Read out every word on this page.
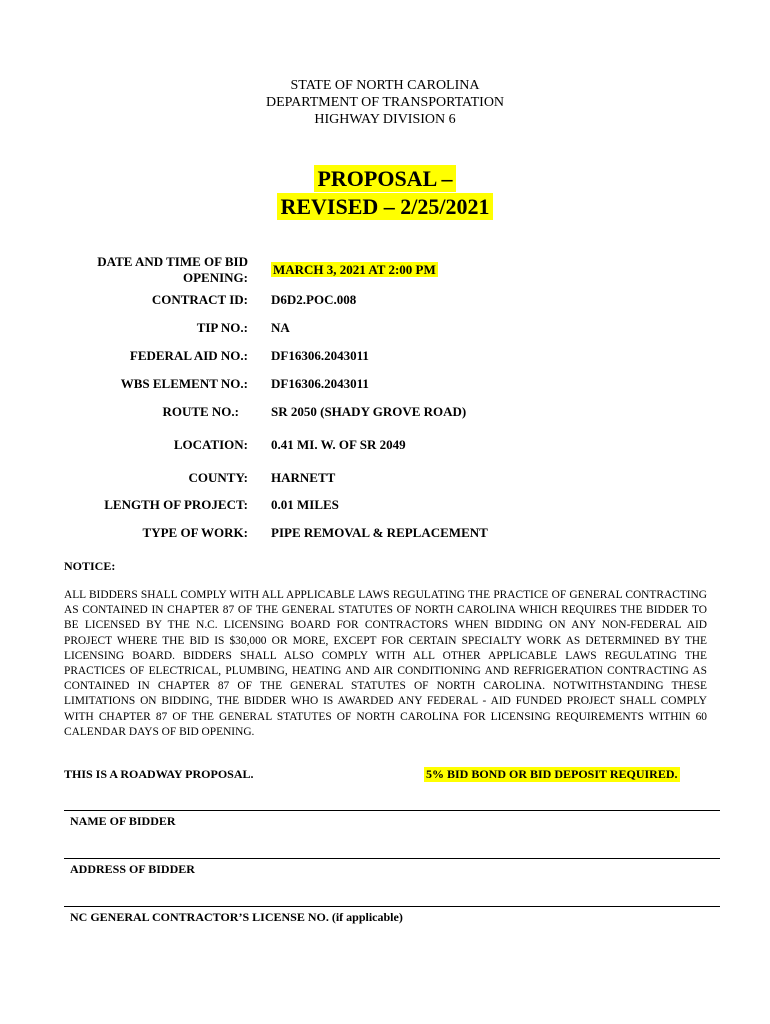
STATE OF NORTH CAROLINA
DEPARTMENT OF TRANSPORTATION
HIGHWAY DIVISION 6
PROPOSAL –
REVISED – 2/25/2021
DATE AND TIME OF BID
OPENING:
MARCH 3, 2021 AT 2:00 PM
CONTRACT ID: D6D2.POC.008
TIP NO.: NA
FEDERAL AID NO.: DF16306.2043011
WBS ELEMENT NO.: DF16306.2043011
ROUTE NO.: SR 2050 (SHADY GROVE ROAD)
LOCATION: 0.41 MI. W. OF SR 2049
COUNTY: HARNETT
LENGTH OF PROJECT: 0.01 MILES
TYPE OF WORK: PIPE REMOVAL & REPLACEMENT
NOTICE:
ALL BIDDERS SHALL COMPLY WITH ALL APPLICABLE LAWS REGULATING THE PRACTICE OF GENERAL CONTRACTING AS CONTAINED IN CHAPTER 87 OF THE GENERAL STATUTES OF NORTH CAROLINA WHICH REQUIRES THE BIDDER TO BE LICENSED BY THE N.C. LICENSING BOARD FOR CONTRACTORS WHEN BIDDING ON ANY NON-FEDERAL AID PROJECT WHERE THE BID IS $30,000 OR MORE, EXCEPT FOR CERTAIN SPECIALTY WORK AS DETERMINED BY THE LICENSING BOARD. BIDDERS SHALL ALSO COMPLY WITH ALL OTHER APPLICABLE LAWS REGULATING THE PRACTICES OF ELECTRICAL, PLUMBING, HEATING AND AIR CONDITIONING AND REFRIGERATION CONTRACTING AS CONTAINED IN CHAPTER 87 OF THE GENERAL STATUTES OF NORTH CAROLINA. NOTWITHSTANDING THESE LIMITATIONS ON BIDDING, THE BIDDER WHO IS AWARDED ANY FEDERAL - AID FUNDED PROJECT SHALL COMPLY WITH CHAPTER 87 OF THE GENERAL STATUTES OF NORTH CAROLINA FOR LICENSING REQUIREMENTS WITHIN 60 CALENDAR DAYS OF BID OPENING.
THIS IS A ROADWAY PROPOSAL.	5% BID BOND OR BID DEPOSIT REQUIRED.
NAME OF BIDDER
ADDRESS OF BIDDER
NC GENERAL CONTRACTOR’S LICENSE NO. (if applicable)
